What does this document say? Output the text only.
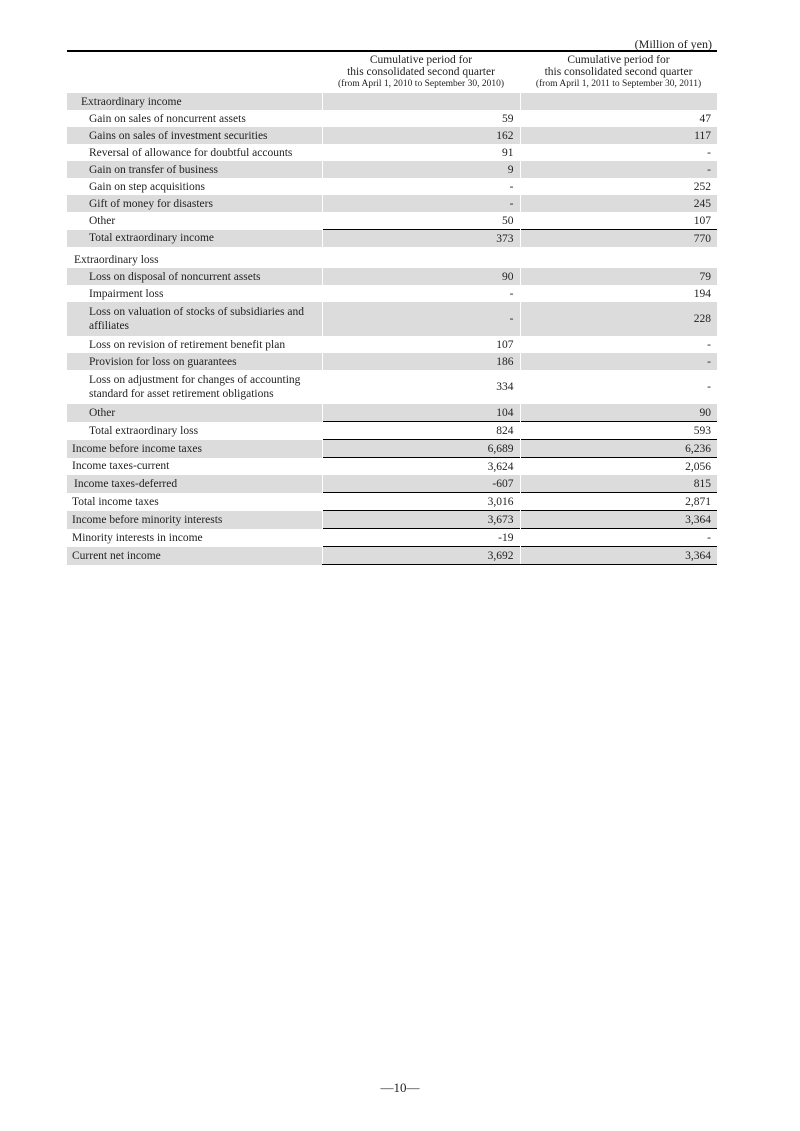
(Million of yen)
	Cumulative period for
this consolidated second quarter
(from April 1, 2010 to September 30, 2010)	Cumulative period for
this consolidated second quarter
(from April 1, 2011 to September 30, 2011)

Extraordinary income		
Gain on sales of noncurrent assets	59	47
Gains on sales of investment securities	162	117
Reversal of allowance for doubtful accounts	91	-
Gain on transfer of business	9	-
Gain on step acquisitions	-	252
Gift of money for disasters	-	245
Other	50	107
Total extraordinary income	373	770
Extraordinary loss		
Loss on disposal of noncurrent assets	90	79
Impairment loss	-	194
Loss on valuation of stocks of subsidiaries and affiliates	-	228
Loss on revision of retirement benefit plan	107	-
Provision for loss on guarantees	186	-
Loss on adjustment for changes of accounting standard for asset retirement obligations	334	-
Other	104	90
Total extraordinary loss	824	593
Income before income taxes	6,689	6,236
Income taxes-current	3,624	2,056
Income taxes-deferred	-607	815
Total income taxes	3,016	2,871
Income before minority interests	3,673	3,364
Minority interests in income	-19	-
Current net income	3,692	3,364
—10—
